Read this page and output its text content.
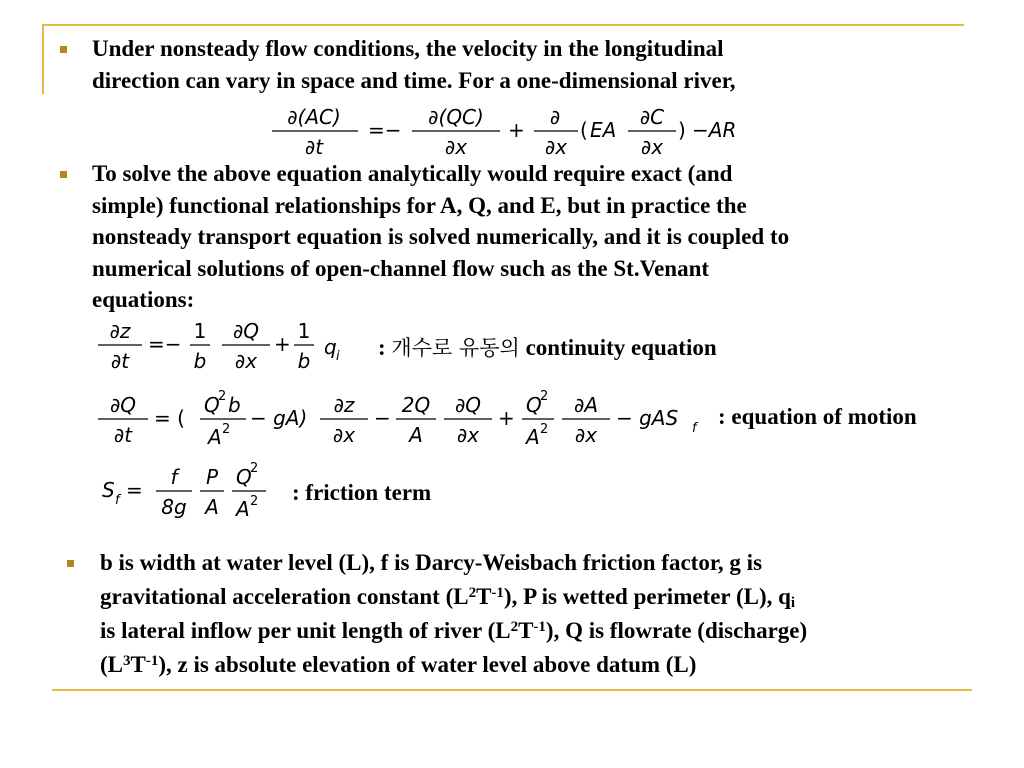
Under nonsteady flow conditions, the velocity in the longitudinal
direction can vary in space and time. For a one-dimensional river,
∂(AC)
∂t
=−
∂(QC)
∂x
+
∂
∂x
( EA
∂C
∂x
) −AR
To solve the above equation analytically would require exact (and
simple) functional relationships for A, Q, and E, but in practice the
nonsteady transport equation is solved numerically, and it is coupled to
numerical solutions of open-channel flow such as the St.Venant
equations:
∂z
∂t
=−
1
b
∂Q
∂x
+
1
b
q i : 개수로 유동의 continuity equation
∂Q
∂t
= (
Q
2 b
A 2 − gA)
∂z
∂x
−
2Q
A
∂Q
∂x
+
Q
2
A 2
∂A
∂x
− gAS f : equation of motion
S f =
f
8g
P
A
Q
2
A 2 : friction term
b is width at water level (L), f is Darcy-Weisbach friction factor, g is
gravitational acceleration constant $(L^2T^{-1})$, P is wetted perimeter (L), $q_i$
is lateral inflow per unit length of river $(L^2T^{-1})$, Q is flowrate (discharge)
$(L^3T^{-1})$, z is absolute elevation of water level above datum (L)
